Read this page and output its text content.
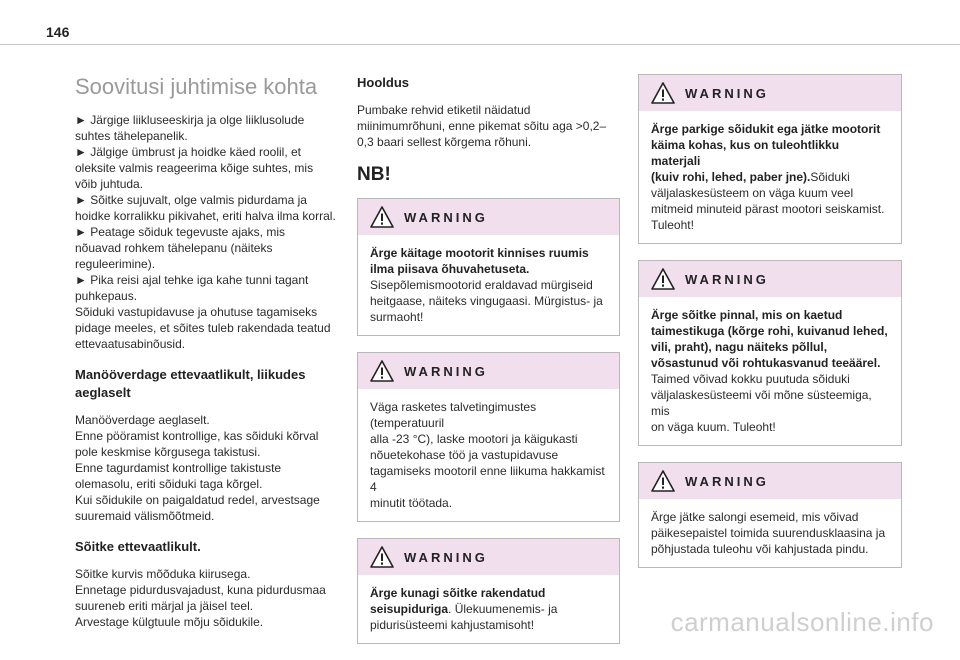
146
Soovitusi juhtimise kohta

► Järgige liikluseeskirja ja olge liiklusolude
suhtes tähelepanelik.
► Jälgige ümbrust ja hoidke käed roolil, et
oleksite valmis reageerima kõige suhtes, mis
võib juhtuda.
► Sõitke sujuvalt, olge valmis pidurdama ja
hoidke korralikku pikivahet, eriti halva ilma korral.
► Peatage sõiduk tegevuste ajaks, mis
nõuavad rohkem tähelepanu (näiteks
reguleerimine).
► Pika reisi ajal tehke iga kahe tunni tagant
puhkepaus.
Sõiduki vastupidavuse ja ohutuse tagamiseks
pidage meeles, et sõites tuleb rakendada teatud
ettevaatusabinõusid.

Manööverdage ettevaatlikult, liikudes aeglaselt

Manööverdage aeglaselt.
Enne pööramist kontrollige, kas sõiduki kõrval
pole keskmise kõrgusega takistusi.
Enne tagurdamist kontrollige takistuste
olemasolu, eriti sõiduki taga kõrgel.
Kui sõidukile on paigaldatud redel, arvestsage
suuremaid välismõõtmeid.

Sõitke ettevaatlikult.

Sõitke kurvis mõõduka kiirusega.
Ennetage pidurdusvajadust, kuna pidurdusmaa
suureneb eriti märjal ja jäisel teel.
Arvestage külgtuule mõju sõidukile.

Hooldus

Pumbake rehvid etiketil näidatud
miinimumrõhuni, enne pikemat sõitu aga >0,2–
0,3 baari sellest kõrgema rõhuni.

NB!
WARNING
Ärge käitage mootorit kinnises ruumis
ilma piisava õhuvahetuseta.
Sisepõlemismootorid eraldavad mürgiseid
heitgaase, näiteks vingugaasi. Mürgistus- ja
surmaoht!
WARNING
Väga rasketes talvetingimustes (temperatuuril
alla -23 °C), laske mootori ja käigukasti
nõuetekohase töö ja vastupidavuse
tagamiseks mootoril enne liikuma hakkamist 4
minutit töötada.
WARNING
Ärge kunagi sõitke rakendatud
seisupiduriga. Ülekuumenemis- ja
pidurisüsteemi kahjustamisoht!
WARNING
Ärge parkige sõidukit ega jätke mootorit
käima kohas, kus on tuleohtlikku materjali
(kuiv rohi, lehed, paber jne).Sõiduki
väljalaskesüsteem on väga kuum veel
mitmeid minuteid pärast mootori seiskamist.
Tuleoht!
WARNING
Ärge sõitke pinnal, mis on kaetud
taimestikuga (kõrge rohi, kuivanud lehed,
vili, praht), nagu näiteks põllul,
võsastunud või rohtukasvanud teeäärel.
Taimed võivad kokku puutuda sõiduki
väljalaskesüsteemi või mõne süsteemiga, mis
on väga kuum. Tuleoht!
WARNING
Ärge jätke salongi esemeid, mis võivad
päikesepaistel toimida suurendusklaasina ja
põhjustada tuleohu või kahjustada pindu.
carmanualsonline.info
